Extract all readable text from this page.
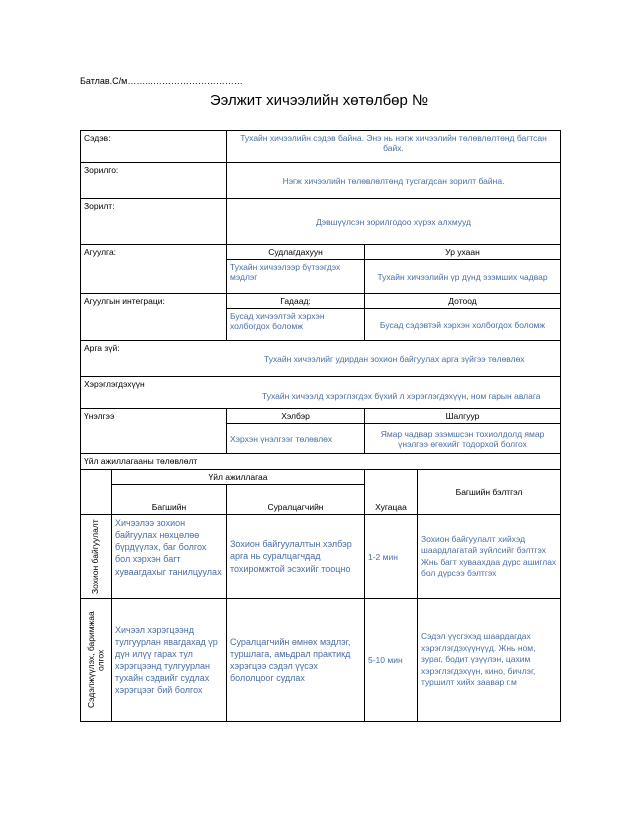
Батлав.С/м……...…………………………
Ээлжит хичээлийн хөтөлбөр №
Сэдэв:		Тухайн хичээлийн сэдэв байна. Энэ нь нэгж хичээлийн төлөвлөлтөнд багтсан байх.		
Зорилго:		Нэгж хичээлийн төлөвлөлтөнд тусгагдсан зорилт байна.		
Зорилт:		Дэвшүүлсэн зорилгодоо хүрэх алхмууд		
Агуулга:		Судлагдахуун	Ур ухаан	
		Тухайн хичээлээр бүтээгдэх мэдлэг	Тухайн хичээлийн үр дүнд эзэмших чадвар	
Агуулгын интеграци:		Гадаад:	Дотоод	
		Бусад хичээлтэй хэрхэн холбогдох боломж	Бусад сэдэвтэй хэрхэн холбогдох боломж	

Арга зүй:
Тухайн хичээлийг удирдан зохион байгуулах арга зүйгээ төлөвлөх				

Хэрэглэгдэхүүн
Тухайн хичээлд хэрэглэгдэх бүхий л хэрэглэгдэхүүн, ном гарын авлага				

Үнэлгээ		Хэлбэр	Шалгуур	
		Хэрхэн үнэлгээг төлөвлөх	Ямар чадвар эзэмшсэн тохиолдолд ямар үнэлгээ өгөхийг тодорхой болгох	
Үйл ажиллагааны төлөвлөлт				
	Үйл ажиллагаа		Хугацаа	Багшийн бэлтгэл
	Багшийн	Суралцагчийн		

Зохион байгуулалт	Хичээлээ зохион байгуулах нөхцөлөө бүрдүүлэх, баг болгох бол хэрхэн багт хуваагдахыг танилцуулах	Зохион байгуулалтын хэлбэр арга нь суралцагчдад тохиромжтой эсэхийг тооцно	1-2 мин	Зохион байгуулалт хийхэд шаардлагатай зүйлсийг бэлтгэх Жнь багт хуваахдаа дүрс ашиглах бол дүрсээ бэлтгэх

Сэдэлжүүлэх, баримжаа олгох	Хичээл хэрэгцээнд тулгуурлан явагдахад үр дүн илүү гарах тул хэрэгцээнд тулгуурлан тухайн сэдвийг судлах хэрэгцээг бий болгох	Суралцагчийн өмнөх мэдлэг, туршлага, амьдрал практикд хэрэгцээ сэдэл үүсэх бололцоог судлах	5-10 мин	Сэдэл үүсгэхэд шаардагдах хэрэглэгдэхүүнүүд. Жнь ном, зураг, бодит үзүүлэн, цахим хэрэглэгдэхүүн, кино, бичлэг, туршилт хийх заавар г.м
